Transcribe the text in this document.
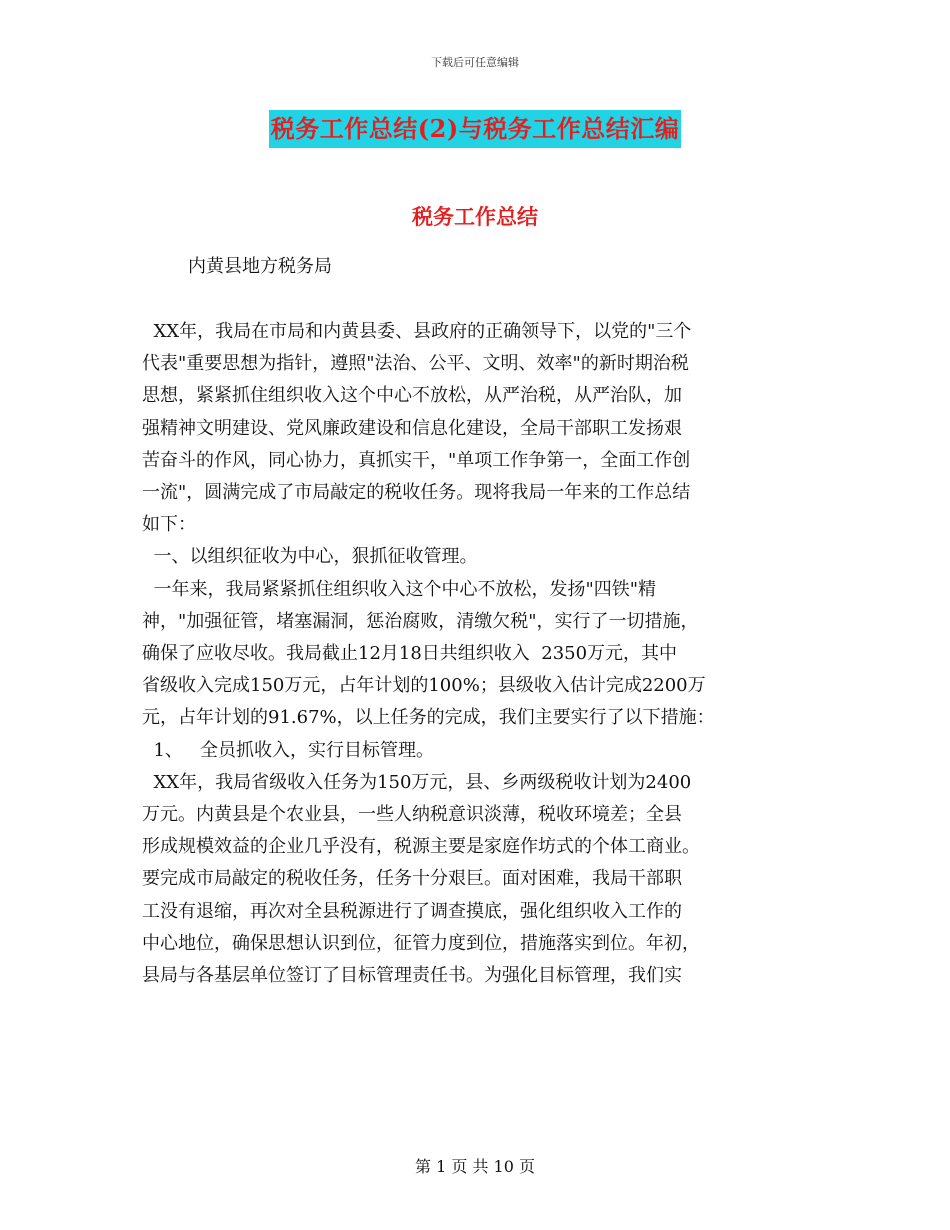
下载后可任意编辑
税务工作总结(2)与税务工作总结汇编
税务工作总结
内黄县地方税务局
XX年，我局在市局和内黄县委、县政府的正确领导下，以党的"三个
代表"重要思想为指针，遵照"法治、公平、文明、效率"的新时期治税
思想，紧紧抓住组织收入这个中心不放松，从严治税，从严治队，加
强精神文明建设、党风廉政建设和信息化建设，全局干部职工发扬艰
苦奋斗的作风，同心协力，真抓实干，"单项工作争第一，全面工作创
一流"，圆满完成了市局敲定的税收任务。现将我局一年来的工作总结
如下：
一、以组织征收为中心，狠抓征收管理。
一年来，我局紧紧抓住组织收入这个中心不放松，发扬"四铁"精
神，"加强征管，堵塞漏洞，惩治腐败，清缴欠税"，实行了一切措施，
确保了应收尽收。我局截止12月18日共组织收入  2350万元，其中
省级收入完成150万元，占年计划的100%；县级收入估计完成2200万
元，占年计划的91.67%，以上任务的完成，我们主要实行了以下措施：
1、   全员抓收入，实行目标管理。
XX年，我局省级收入任务为150万元，县、乡两级税收计划为2400
万元。内黄县是个农业县，一些人纳税意识淡薄，税收环境差；全县
形成规模效益的企业几乎没有，税源主要是家庭作坊式的个体工商业。
要完成市局敲定的税收任务，任务十分艰巨。面对困难，我局干部职
工没有退缩，再次对全县税源进行了调查摸底，强化组织收入工作的
中心地位，确保思想认识到位，征管力度到位，措施落实到位。年初，
县局与各基层单位签订了目标管理责任书。为强化目标管理，我们实
第 1 页 共 10 页
